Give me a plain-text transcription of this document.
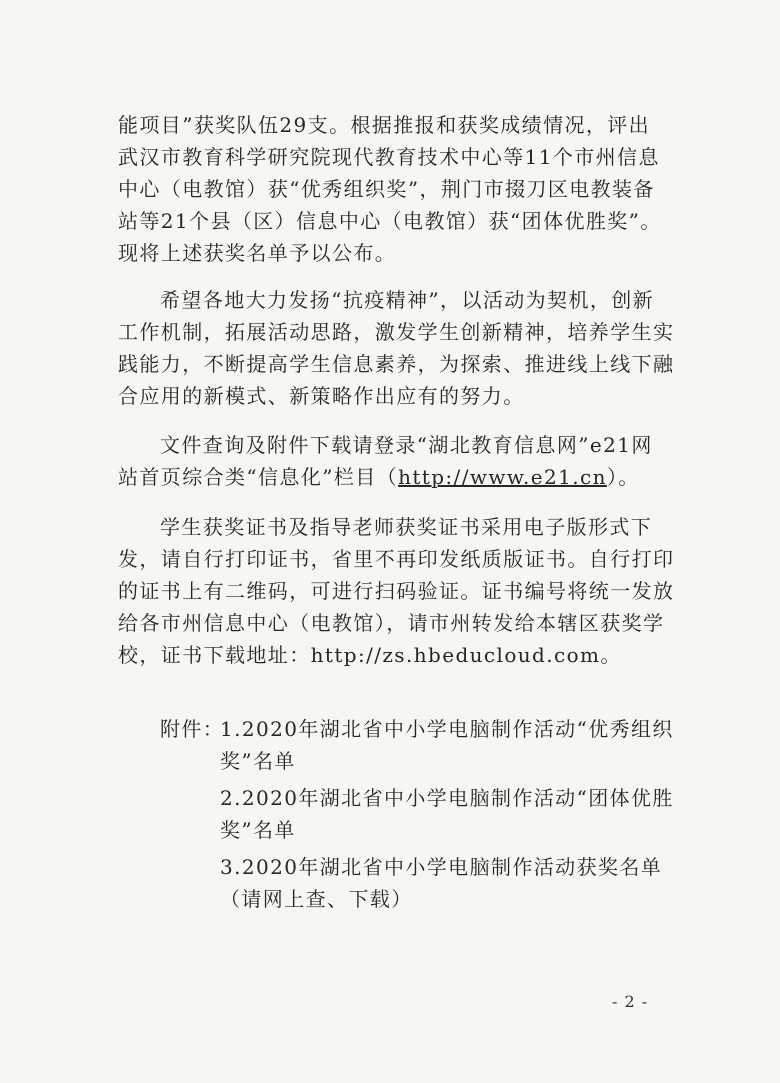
能项目”获奖队伍29支。根据推报和获奖成绩情况，评出
武汉市教育科学研究院现代教育技术中心等11个市州信息
中心（电教馆）获“优秀组织奖”，荆门市掇刀区电教装备
站等21个县（区）信息中心（电教馆）获“团体优胜奖”。
现将上述获奖名单予以公布。
希望各地大力发扬“抗疫精神”，以活动为契机，创新
工作机制，拓展活动思路，激发学生创新精神，培养学生实
践能力，不断提高学生信息素养，为探索、推进线上线下融
合应用的新模式、新策略作出应有的努力。
文件查询及附件下载请登录“湖北教育信息网”e21网
站首页综合类“信息化”栏目（http://www.e21.cn）。
学生获奖证书及指导老师获奖证书采用电子版形式下
发，请自行打印证书，省里不再印发纸质版证书。自行打印
的证书上有二维码，可进行扫码验证。证书编号将统一发放
给各市州信息中心（电教馆），请市州转发给本辖区获奖学
校，证书下载地址：http://zs.hbeducloud.com。
附件：
1.2020年湖北省中小学电脑制作活动“优秀组织
奖”名单
2.2020年湖北省中小学电脑制作活动“团体优胜
奖”名单
3.2020年湖北省中小学电脑制作活动获奖名单
（请网上查、下载）
- 2 -
